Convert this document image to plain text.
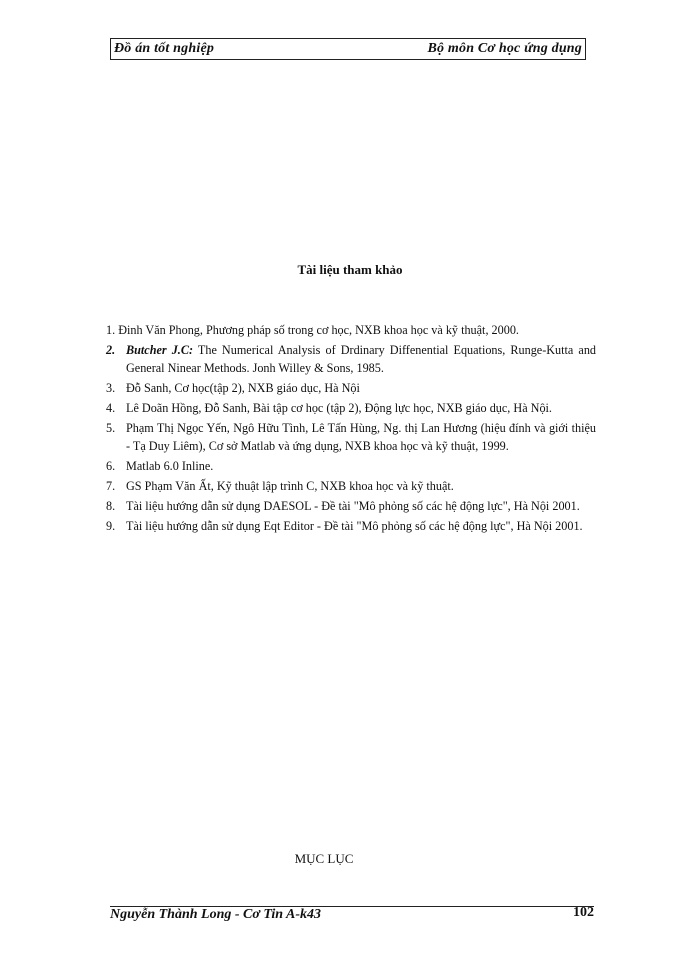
Đồ án tốt nghiệp	Bộ môn Cơ học ứng dụng
Tài liệu tham khảo
1. Đinh Văn Phong, Phương pháp số trong cơ học, NXB khoa học và kỹ thuật, 2000.
2. Butcher J.C: The Numerical Analysis of Drdinary Diffenential Equations, Runge-Kutta and General Ninear Methods. Jonh Willey & Sons, 1985.
3. Đỗ Sanh, Cơ học(tập 2), NXB giáo dục, Hà Nội
4. Lê Doãn Hồng, Đỗ Sanh, Bài tập cơ học (tập 2), Động lực học, NXB giáo dục, Hà Nội.
5. Phạm Thị Ngọc Yến, Ngô Hữu Tình, Lê Tấn Hùng, Ng. thị Lan Hương (hiệu đính và giới thiệu - Tạ Duy Liêm), Cơ sở Matlab và ứng dụng, NXB khoa học và kỹ thuật, 1999.
6. Matlab 6.0 Inline.
7. GS Phạm Văn Ất, Kỹ thuật lập trình C, NXB khoa học và kỹ thuật.
8. Tài liệu hướng dẫn sử dụng DAESOL - Đề tài "Mô phỏng số các hệ động lực", Hà Nội 2001.
9. Tài liệu hướng dẫn sử dụng Eqt Editor - Đề tài "Mô phỏng số các hệ động lực", Hà Nội 2001.
MỤC LỤC
Nguyễn Thành Long - Cơ Tin A-k43	102
